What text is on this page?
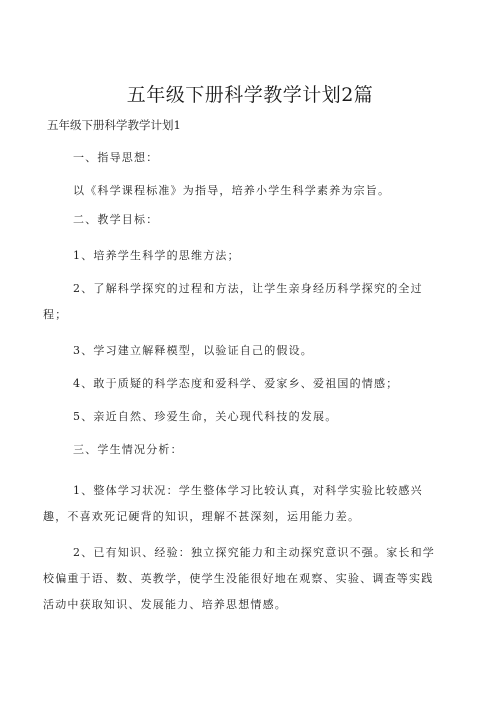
五年级下册科学教学计划2篇
五年级下册科学教学计划1

一、指导思想：

以《科学课程标准》为指导，培养小学生科学素养为宗旨。

二、教学目标：

1、培养学生科学的思维方法；

2、了解科学探究的过程和方法，让学生亲身经历科学探究的全过

程；

3、学习建立解释模型，以验证自己的假设。

4、敢于质疑的科学态度和爱科学、爱家乡、爱祖国的情感；

5、亲近自然、珍爱生命，关心现代科技的发展。

三、学生情况分析：

1、整体学习状况：学生整体学习比较认真，对科学实验比较感兴

趣，不喜欢死记硬背的知识，理解不甚深刻，运用能力差。

2、已有知识、经验：独立探究能力和主动探究意识不强。家长和学

校偏重于语、数、英教学，使学生没能很好地在观察、实验、调查等实践

活动中获取知识、发展能力、培养思想情感。
